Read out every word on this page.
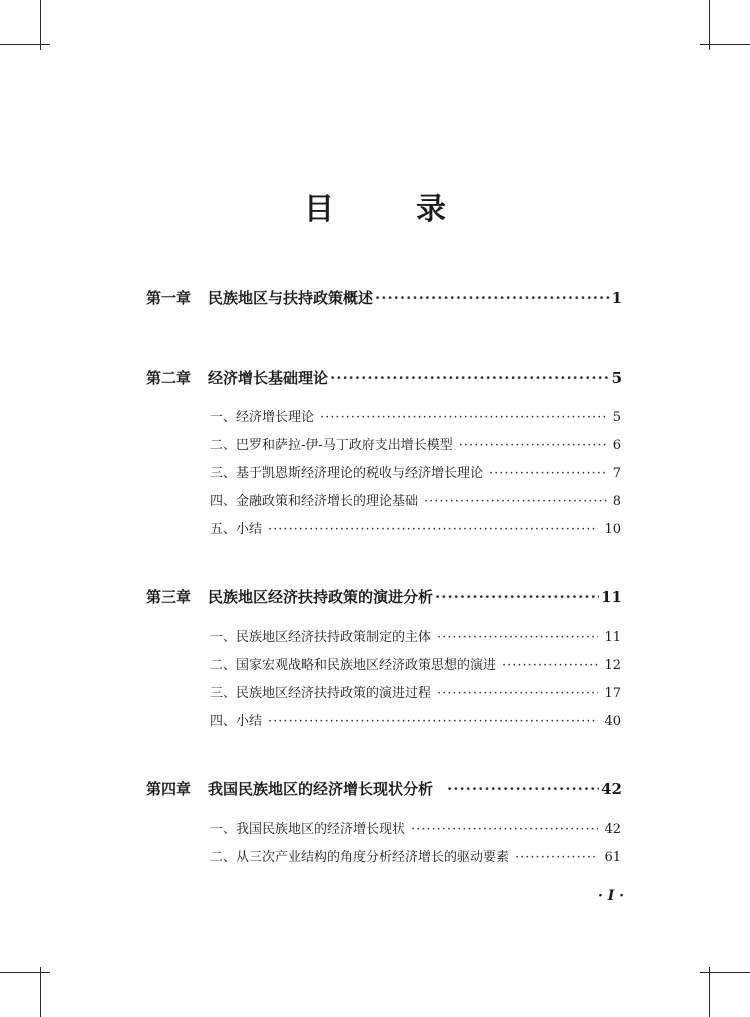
目　录
第一章 民族地区与扶持政策概述 ·····	1
第二章 经济增长基础理论 ·····	5
一、经济增长理论 ·····	5
二、巴罗和萨拉-伊-马丁政府支出增长模型 ·····	6
三、基于凯恩斯经济理论的税收与经济增长理论 ·····	7
四、金融政策和经济增长的理论基础 ·····	8
五、小结 ·····	10
第三章 民族地区经济扶持政策的演进分析 ·····	11
一、民族地区经济扶持政策制定的主体 ·····	11
二、国家宏观战略和民族地区经济政策思想的演进 ·····	12
三、民族地区经济扶持政策的演进过程 ·····	17
四、小结 ·····	40
第四章 我国民族地区的经济增长现状分析 ·····	42
一、我国民族地区的经济增长现状 ·····	42
二、从三次产业结构的角度分析经济增长的驱动要素 ·····	61
· I ·
